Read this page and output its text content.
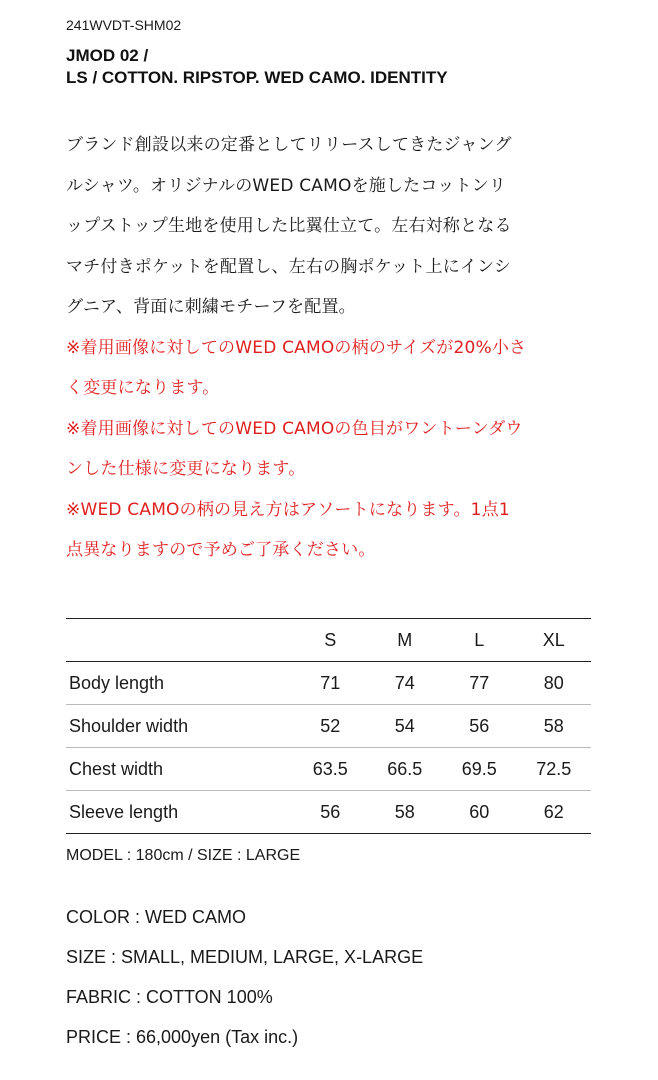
241WVDT-SHM02
JMOD 02 /
LS / COTTON. RIPSTOP. WED CAMO. IDENTITY
ブランド創設以来の定番としてリリースしてきたジャング
ルシャツ。オリジナルのWED CAMOを施したコットンリ
ップストップ生地を使用した比翼仕立て。左右対称となる
マチ付きポケットを配置し、左右の胸ポケット上にインシ
グニア、背面に刺繍モチーフを配置。
※着用画像に対してのWED CAMOの柄のサイズが20%小さ
く変更になります。
※着用画像に対してのWED CAMOの色目がワントーンダウ
ンした仕様に変更になります。
※WED CAMOの柄の見え方はアソートになります。1点1
点異なりますので予めご了承ください。
	S	M	L	XL
Body length	71	74	77	80
Shoulder width	52	54	56	58
Chest width	63.5	66.5	69.5	72.5
Sleeve length	56	58	60	62
MODEL : 180cm / SIZE : LARGE
COLOR : WED CAMO
SIZE : SMALL, MEDIUM, LARGE, X-LARGE
FABRIC : COTTON 100%
PRICE : 66,000yen (Tax inc.)
